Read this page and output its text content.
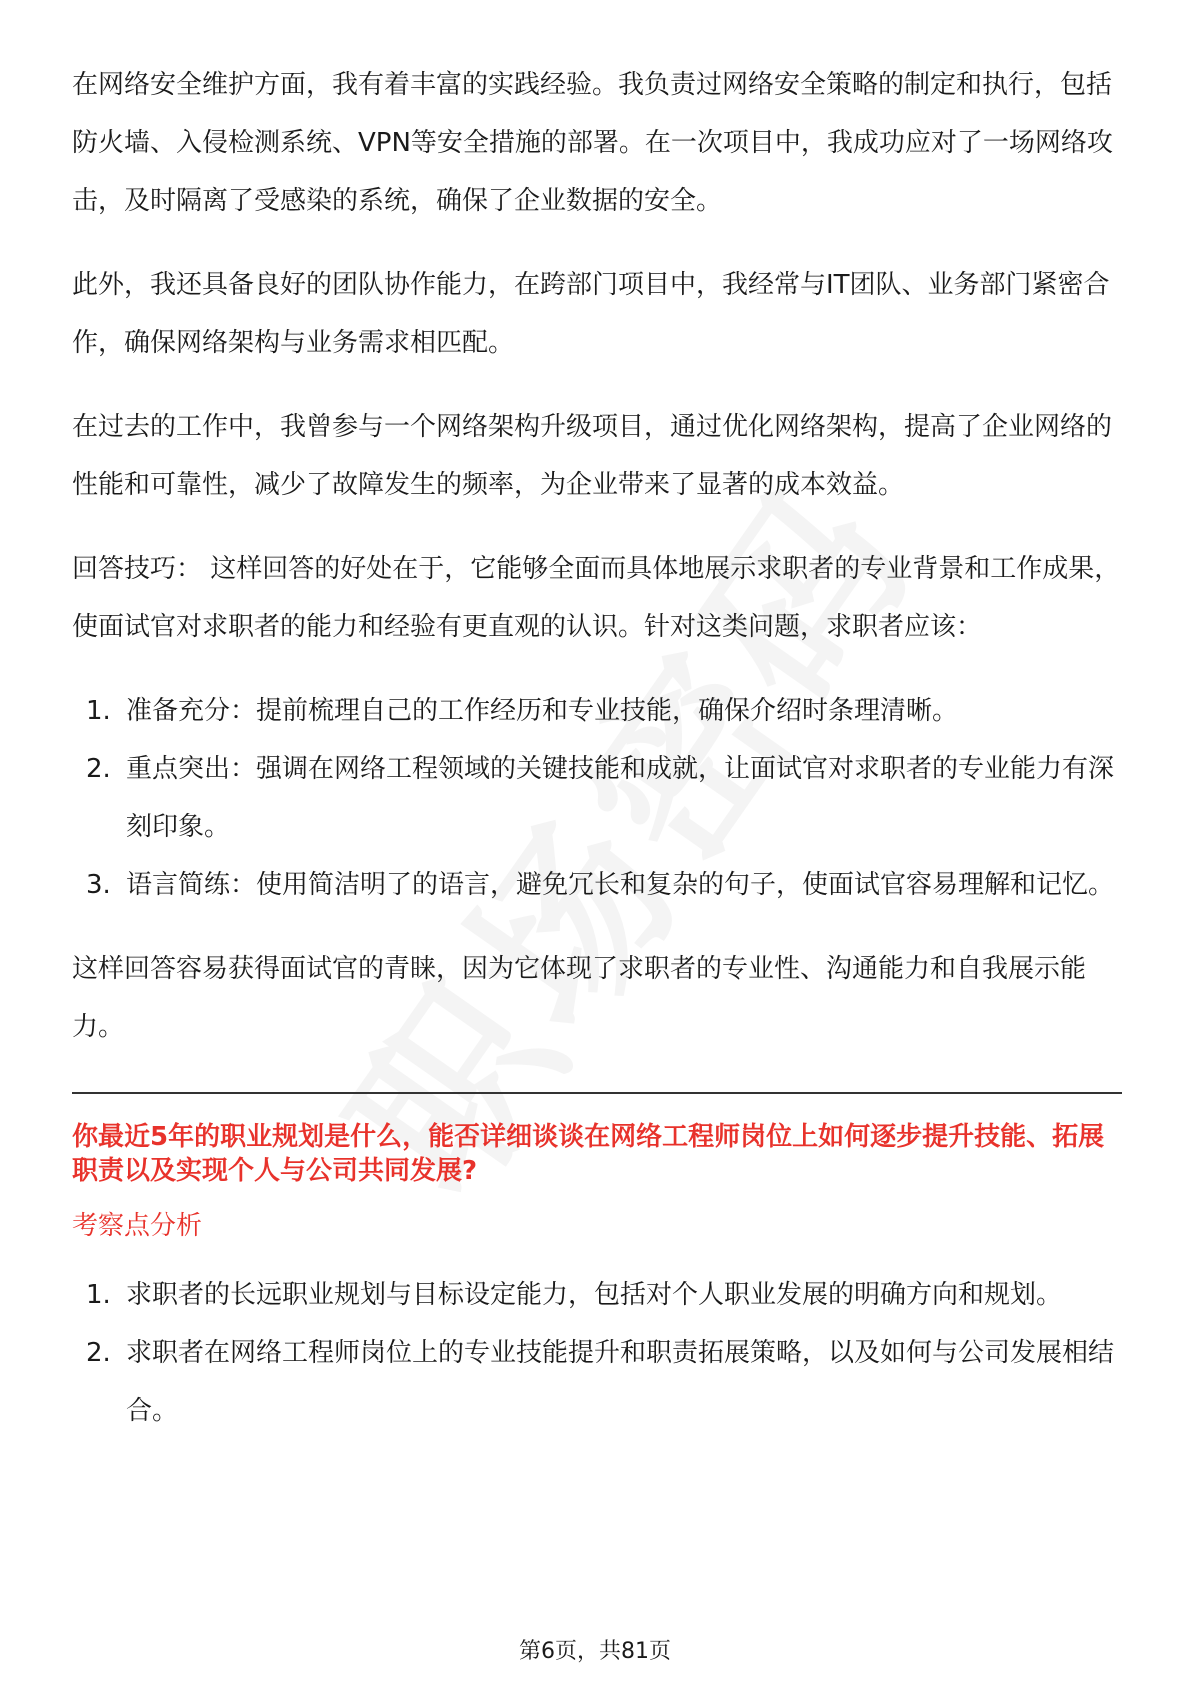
在网络安全维护方面，我有着丰富的实践经验。我负责过网络安全策略的制定和执行，包括防火墙、入侵检测系统、VPN等安全措施的部署。在一次项目中，我成功应对了一场网络攻击，及时隔离了受感染的系统，确保了企业数据的安全。

此外，我还具备良好的团队协作能力，在跨部门项目中，我经常与IT团队、业务部门紧密合作，确保网络架构与业务需求相匹配。

在过去的工作中，我曾参与一个网络架构升级项目，通过优化网络架构，提高了企业网络的性能和可靠性，减少了故障发生的频率，为企业带来了显著的成本效益。

回答技巧： 这样回答的好处在于，它能够全面而具体地展示求职者的专业背景和工作成果，使面试官对求职者的能力和经验有更直观的认识。针对这类问题，求职者应该：

1. 准备充分：提前梳理自己的工作经历和专业技能，确保介绍时条理清晰。
2. 重点突出：强调在网络工程领域的关键技能和成就，让面试官对求职者的专业能力有深刻印象。
3. 语言简练：使用简洁明了的语言，避免冗长和复杂的句子，使面试官容易理解和记忆。

这样回答容易获得面试官的青睐，因为它体现了求职者的专业性、沟通能力和自我展示能力。

你最近5年的职业规划是什么，能否详细谈谈在网络工程师岗位上如何逐步提升技能、拓展职责以及实现个人与公司共同发展?
考察点分析
1. 求职者的长远职业规划与目标设定能力，包括对个人职业发展的明确方向和规划。
2. 求职者在网络工程师岗位上的专业技能提升和职责拓展策略，以及如何与公司发展相结合。
第6页，共81页
